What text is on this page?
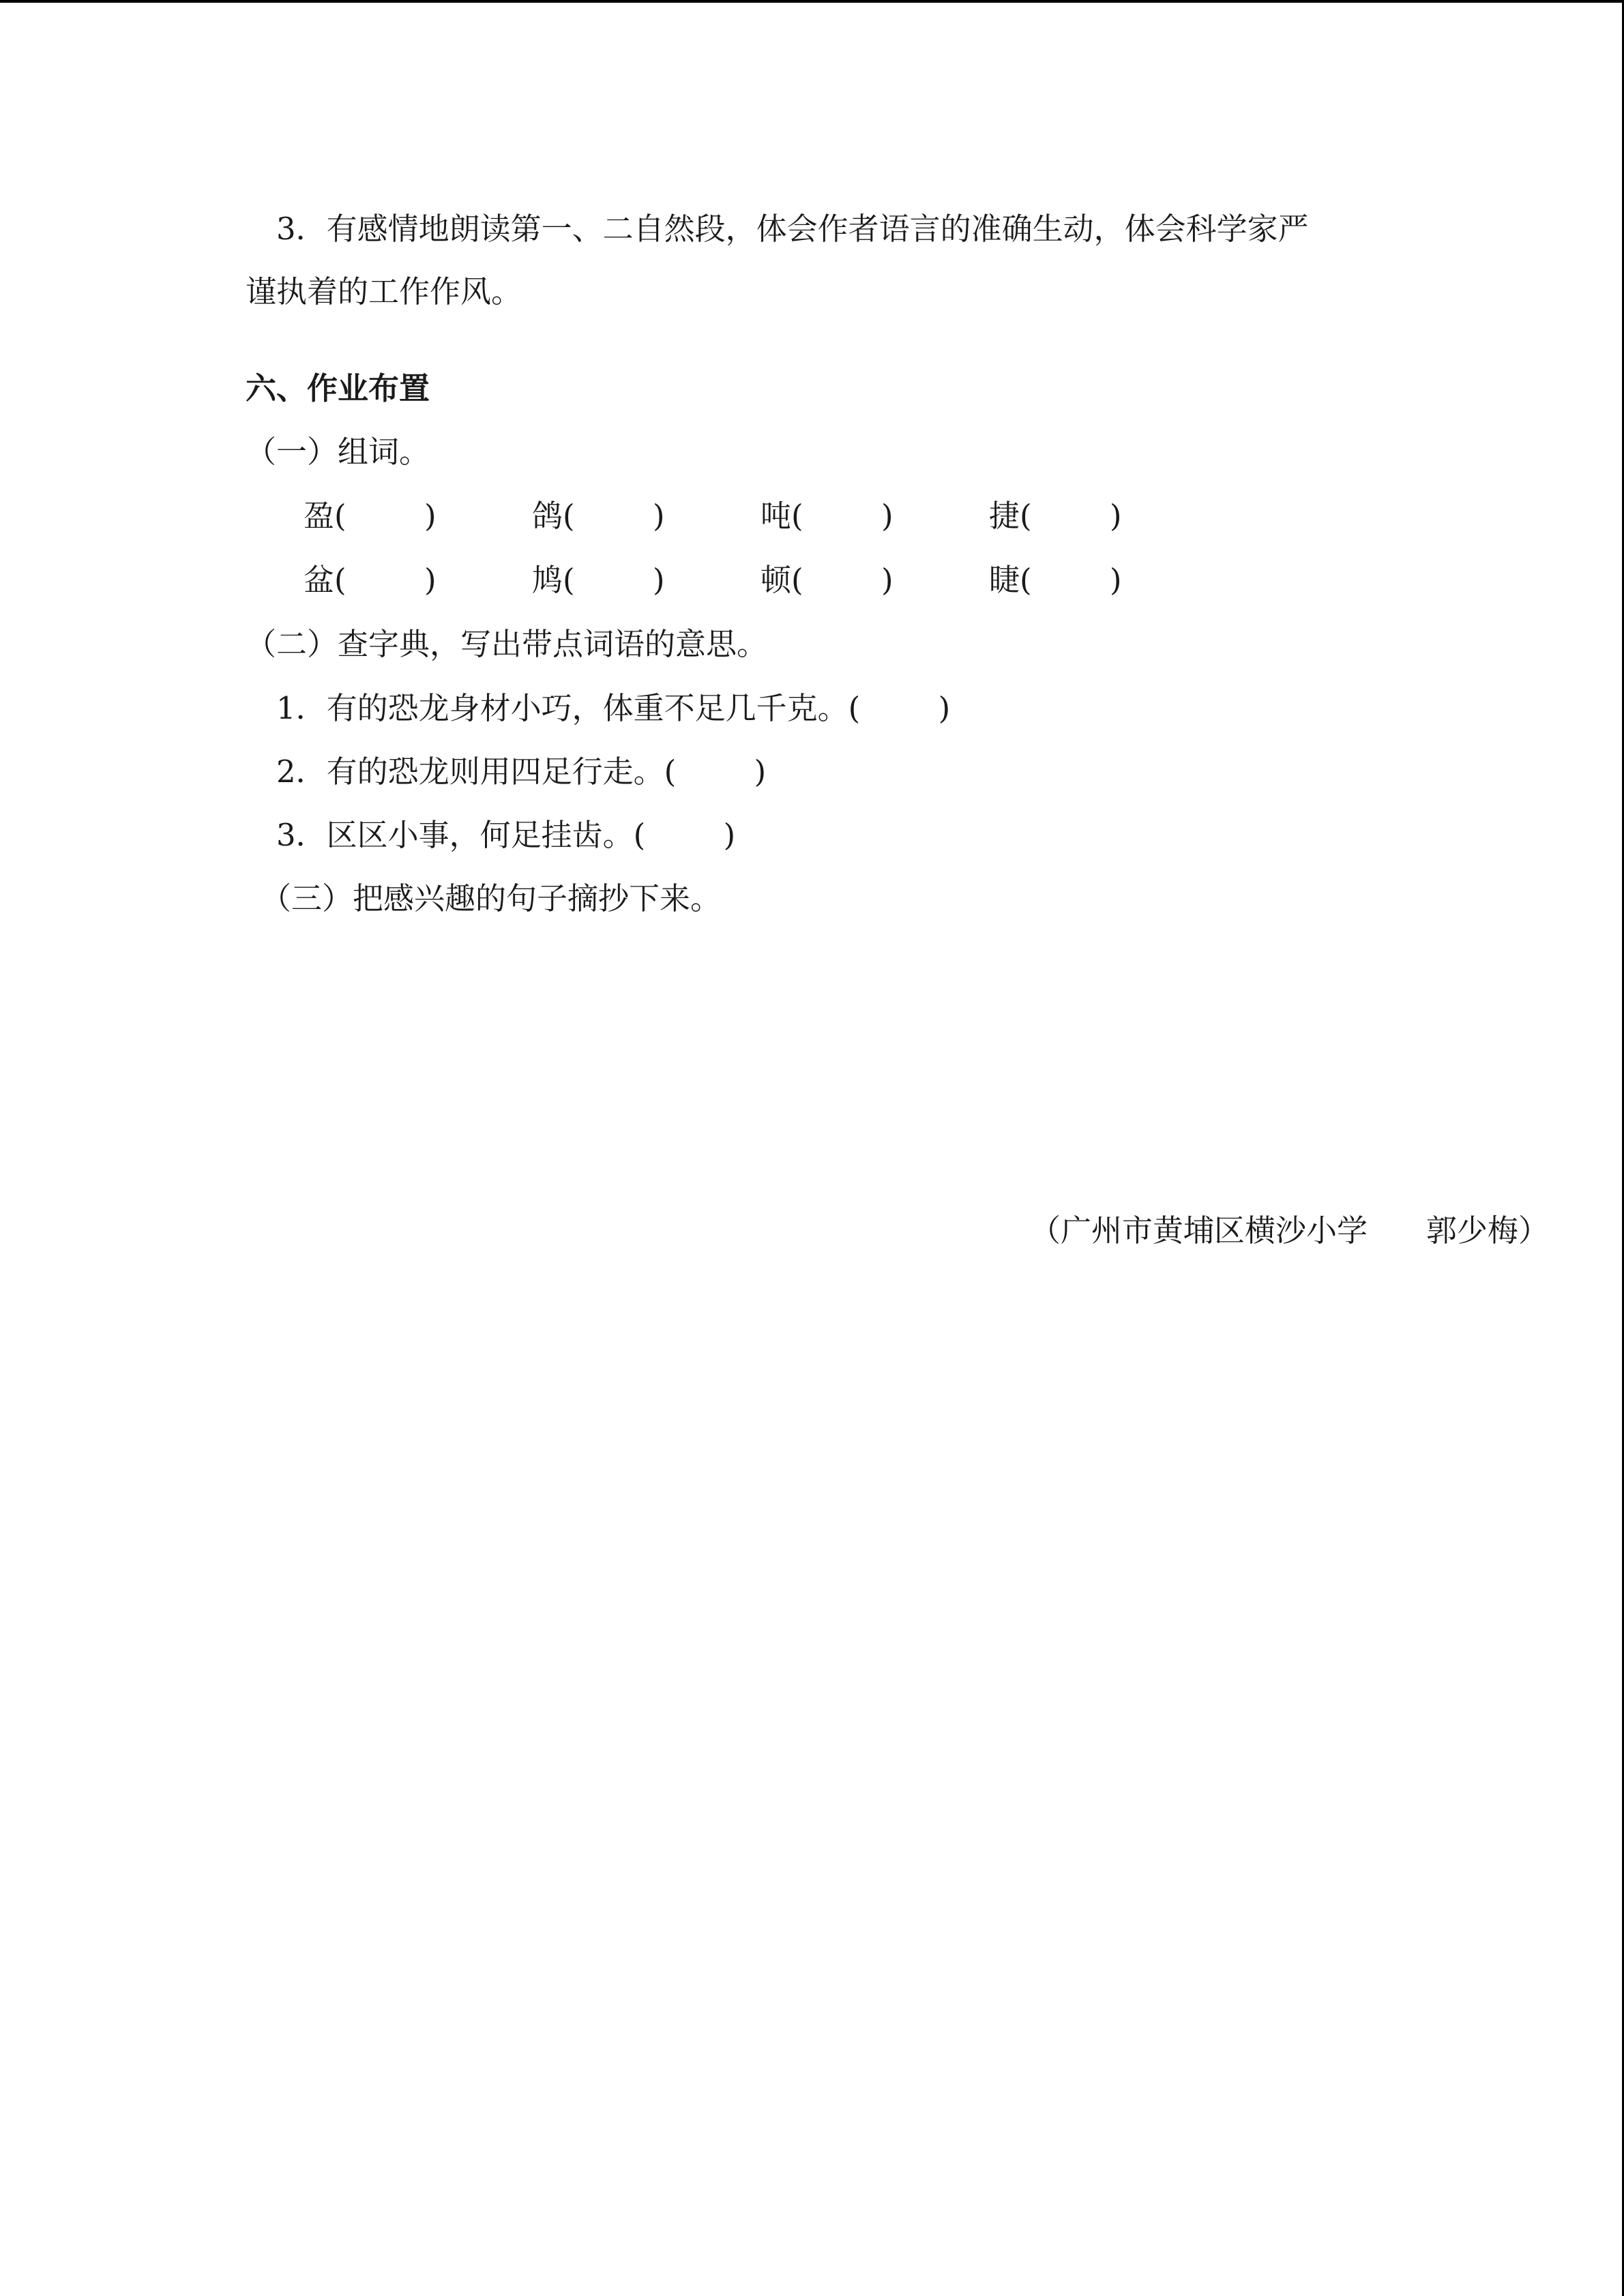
3．有感情地朗读第一、二自然段，体会作者语言的准确生动，体会科学家严

谨执着的工作作风。

六、作业布置

（一）组词。

盈(        )	鸽(        )	吨(        )	捷(        )
盆(        )	鸠(        )	顿(        )	睫(        )

（二）查字典，写出带点词语的意思。

1．有的恐龙身材小巧，体重不足几千克。(        )

2．有的恐龙则用四足行走。(        )

3．区区小事，何足挂齿。(        )

（三）把感兴趣的句子摘抄下来。

（广州市黄埔区横沙小学      郭少梅）
